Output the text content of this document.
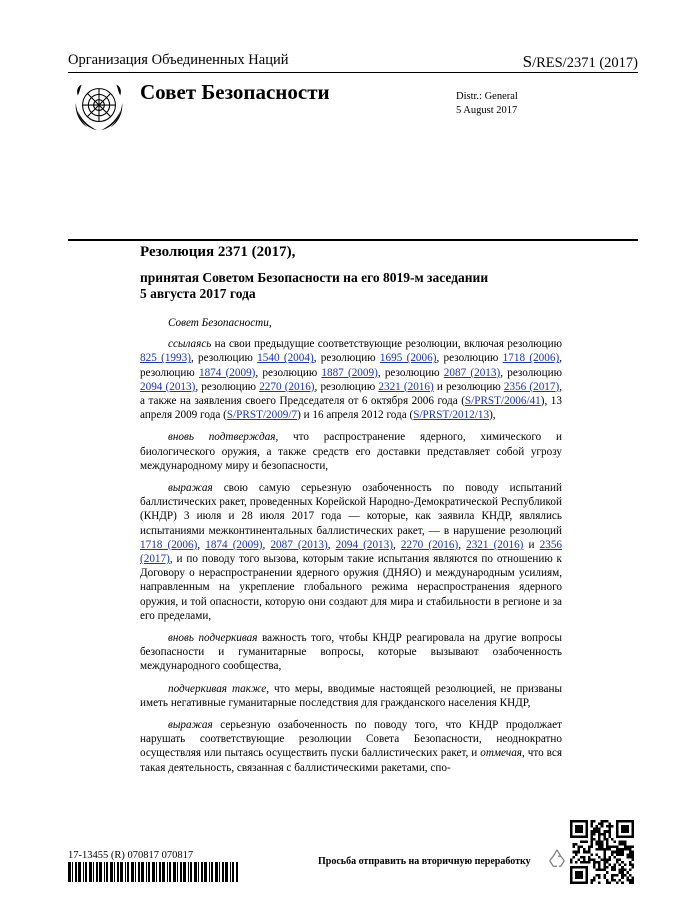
Организация Объединенных Наций	S/RES/2371 (2017)
Совет Безопасности	Distr.: General
5 August 2017
Резолюция 2371 (2017),
принятая Советом Безопасности на его 8019-м заседании
5 августа 2017 года

Совет Безопасности,

ссылаясь на свои предыдущие соответствующие резолюции, включая резолюцию 825 (1993), резолюцию 1540 (2004), резолюцию 1695 (2006), резолюцию 1718 (2006), резолюцию 1874 (2009), резолюцию 1887 (2009), резолюцию 2087 (2013), резолюцию 2094 (2013), резолюцию 2270 (2016), резолюцию 2321 (2016) и резолюцию 2356 (2017), а также на заявления своего Председателя от 6 октября 2006 года (S/PRST/2006/41), 13 апреля 2009 года (S/PRST/2009/7) и 16 апреля 2012 года (S/PRST/2012/13),

вновь подтверждая, что распространение ядерного, химического и биологического оружия, а также средств его доставки представляет собой угрозу международному миру и безопасности,

выражая свою самую серьезную озабоченность по поводу испытаний баллистических ракет, проведенных Корейской Народно-Демократической Республикой (КНДР) 3 июля и 28 июля 2017 года — которые, как заявила КНДР, являлись испытаниями межконтинентальных баллистических ракет, — в нарушение резолюций 1718 (2006), 1874 (2009), 2087 (2013), 2094 (2013), 2270 (2016), 2321 (2016) и 2356 (2017), и по поводу того вызова, которым такие испытания являются по отношению к Договору о нераспространении ядерного оружия (ДНЯО) и международным усилиям, направленным на укрепление глобального режима нераспространения ядерного оружия, и той опасности, которую они создают для мира и стабильности в регионе и за его пределами,

вновь подчеркивая важность того, чтобы КНДР реагировала на другие вопросы безопасности и гуманитарные вопросы, которые вызывают озабоченность международного сообщества,

подчеркивая также, что меры, вводимые настоящей резолюцией, не призваны иметь негативные гуманитарные последствия для гражданского населения КНДР,

выражая серьезную озабоченность по поводу того, что КНДР продолжает нарушать соответствующие резолюции Совета Безопасности, неоднократно осуществляя или пытаясь осуществить пуски баллистических ракет, и отмечая, что вся такая деятельность, связанная с баллистическими ракетами, спо-

17-13455 (R) 070817 070817
Просьба отправить на вторичную переработку
